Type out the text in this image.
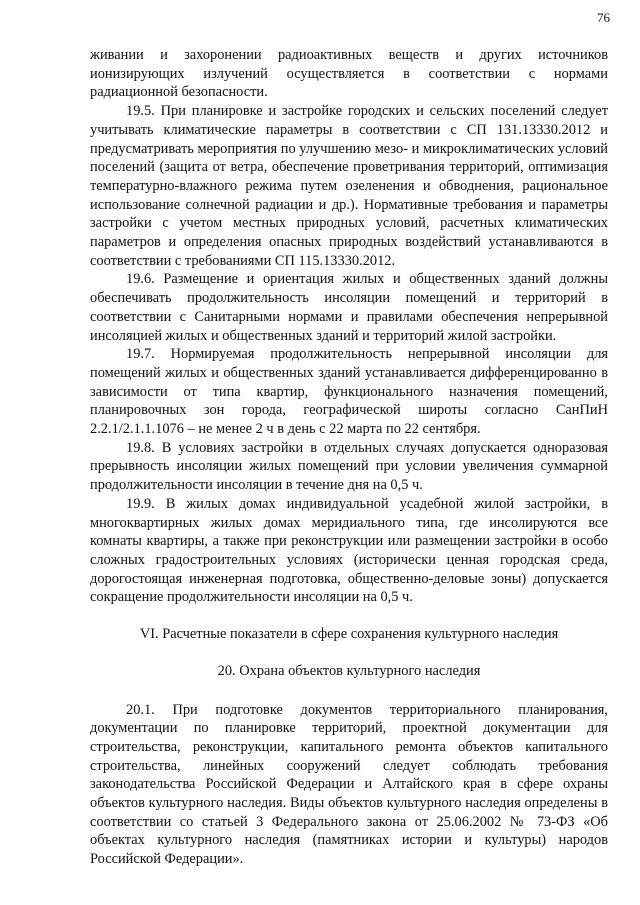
76

живании и захоронении радиоактивных веществ и других источников ионизирующих излучений осуществляется в соответствии с нормами радиационной безопасности.

19.5. При планировке и застройке городских и сельских поселений следует учитывать климатические параметры в соответствии с СП 131.13330.2012 и предусматривать мероприятия по улучшению мезо- и микроклиматических условий поселений (защита от ветра, обеспечение проветривания территорий, оптимизация температурно-влажного режима путем озеленения и обводнения, рациональное использование солнечной радиации и др.). Нормативные требования и параметры застройки с учетом местных природных условий, расчетных климатических параметров и определения опасных природных воздействий устанавливаются в соответствии с требованиями СП 115.13330.2012.

19.6. Размещение и ориентация жилых и общественных зданий должны обеспечивать продолжительность инсоляции помещений и территорий в соответствии с Санитарными нормами и правилами обеспечения непрерывной инсоляцией жилых и общественных зданий и территорий жилой застройки.

19.7. Нормируемая продолжительность непрерывной инсоляции для помещений жилых и общественных зданий устанавливается дифференцированно в зависимости от типа квартир, функционального назначения помещений, планировочных зон города, географической широты согласно СанПиН 2.2.1/2.1.1.1076 – не менее 2 ч в день с 22 марта по 22 сентября.

19.8. В условиях застройки в отдельных случаях допускается одноразовая прерывность инсоляции жилых помещений при условии увеличения суммарной продолжительности инсоляции в течение дня на 0,5 ч.

19.9. В жилых домах индивидуальной усадебной жилой застройки, в многоквартирных жилых домах меридиального типа, где инсолируются все комнаты квартиры, а также при реконструкции или размещении застройки в особо сложных градостроительных условиях (исторически ценная городская среда, дорогостоящая инженерная подготовка, общественно-деловые зоны) допускается сокращение продолжительности инсоляции на 0,5 ч.

VI. Расчетные показатели в сфере сохранения культурного наследия

20. Охрана объектов культурного наследия

20.1. При подготовке документов территориального планирования, документации по планировке территорий, проектной документации для строительства, реконструкции, капитального ремонта объектов капитального строительства, линейных сооружений следует соблюдать требования законодательства Российской Федерации и Алтайского края в сфере охраны объектов культурного наследия. Виды объектов культурного наследия определены в соответствии со статьей 3 Федерального закона от 25.06.2002 № 73-ФЗ «Об объектах культурного наследия (памятниках истории и культуры) народов Российской Федерации».
